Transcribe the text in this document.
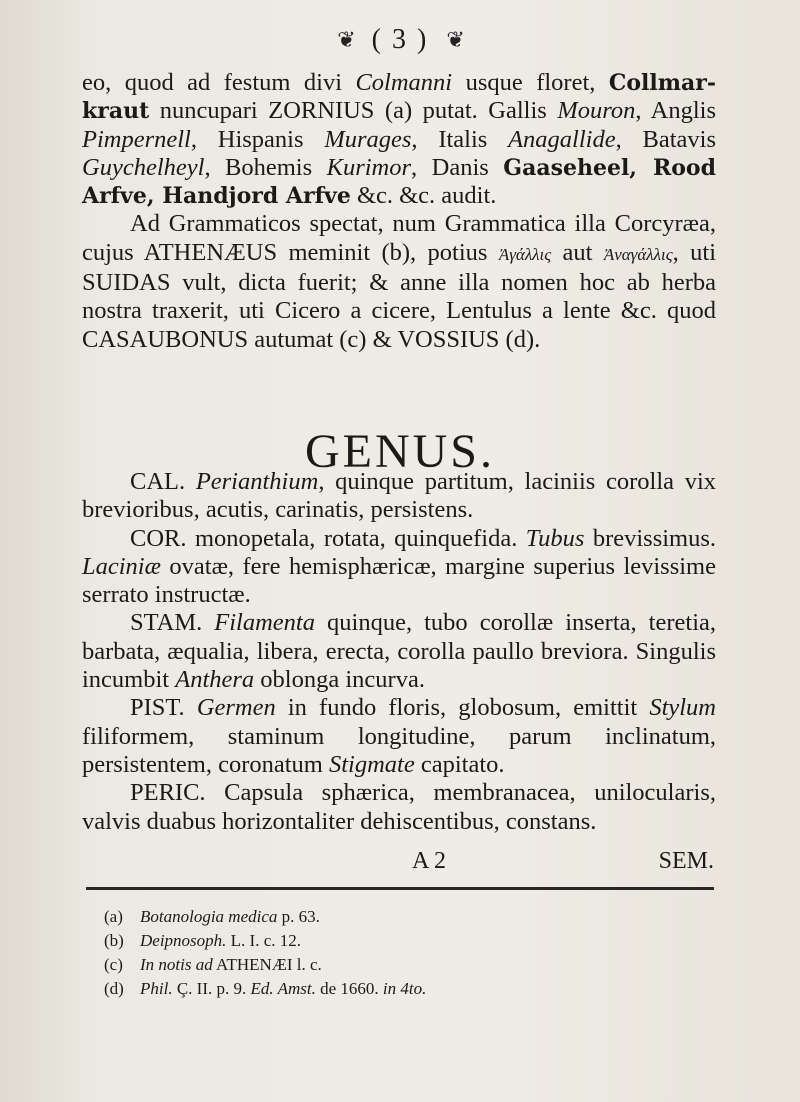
❦ ( 3 ) ❦

eo, quod ad festum divi Colmanni usque floret, Collmar-kraut nuncupari ZORNIUS (a) putat. Gallis Mouron, Anglis Pimpernell, Hispanis Murages, Italis Anagallide, Batavis Guychelheyl, Bohemis Kurimor, Danis Gaaseheel, Rood Arfve, Handjord Arfve &c. &c. audit.

Ad Grammaticos spectat, num Grammatica illa Corcyræa, cujus ATHENÆUS meminit (b), potius Ἀγάλλις aut Ἀναγάλλις, uti SUIDAS vult, dicta fuerit; & anne illa nomen hoc ab herba nostra traxerit, uti Cicero a cicere, Lentulus a lente &c. quod CASAUBONUS autumat (c) & VOSSIUS (d).

GENUS.

CAL. Perianthium, quinque partitum, laciniis corolla vix brevioribus, acutis, carinatis, persistens.

COR. monopetala, rotata, quinquefida. Tubus brevissimus. Laciniæ ovatæ, fere hemisphæricæ, margine superius levissime serrato instructæ.

STAM. Filamenta quinque, tubo corollæ inserta, teretia, barbata, æqualia, libera, erecta, corolla paullo breviora. Singulis incumbit Anthera oblonga incurva.

PIST. Germen in fundo floris, globosum, emittit Stylum filiformem, staminum longitudine, parum inclinatum, persistentem, coronatum Stigmate capitato.

PERIC. Capsula sphærica, membranacea, unilocularis, valvis duabus horizontaliter dehiscentibus, constans.

A 2	SEM.
(a) Botanologia medica p. 63.
(b) Deipnosoph. L. I. c. 12.
(c) In notis ad ATHENÆI l. c.
(d) Phil. Ç. II. p. 9. Ed. Amst. de 1660. in 4to.
